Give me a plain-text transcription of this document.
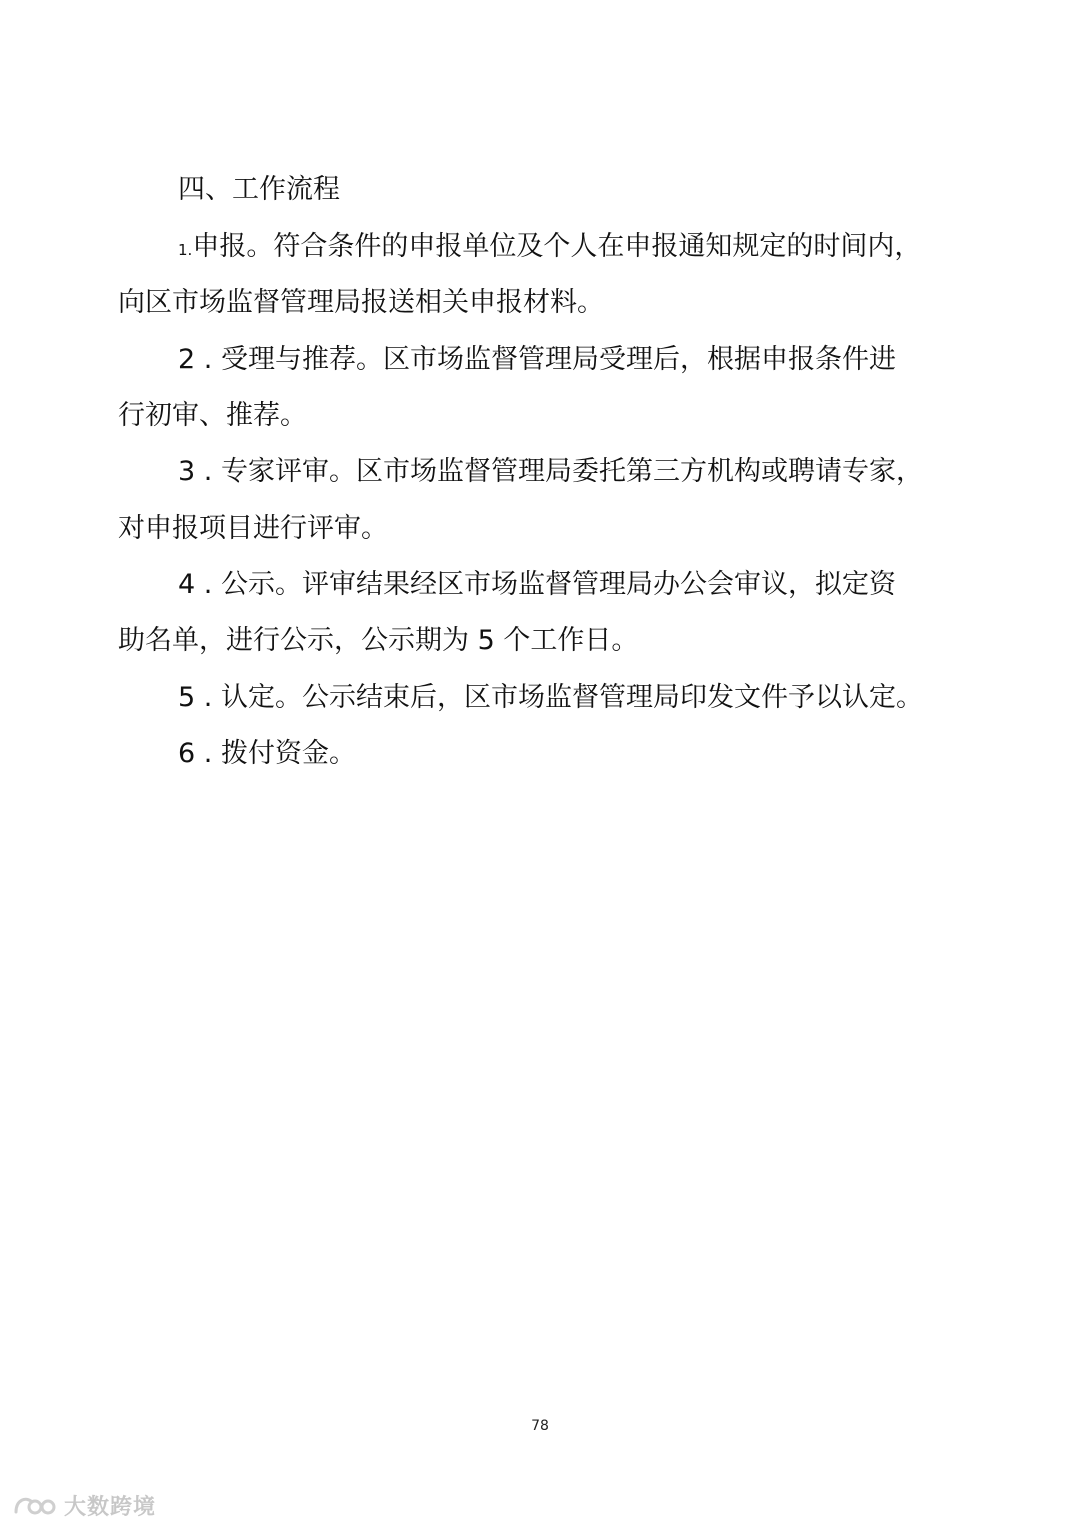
四、工作流程
1.申报。符合条件的申报单位及个人在申报通知规定的时间内，
向区市场监督管理局报送相关申报材料。
2 . 受理与推荐。区市场监督管理局受理后，根据申报条件进
行初审、推荐。
3 . 专家评审。区市场监督管理局委托第三方机构或聘请专家，
对申报项目进行评审。
4 . 公示。评审结果经区市场监督管理局办公会审议，拟定资
助名单，进行公示，公示期为 5 个工作日。
5 . 认定。公示结束后，区市场监督管理局印发文件予以认定。
6 . 拨付资金。
78
大数跨境
